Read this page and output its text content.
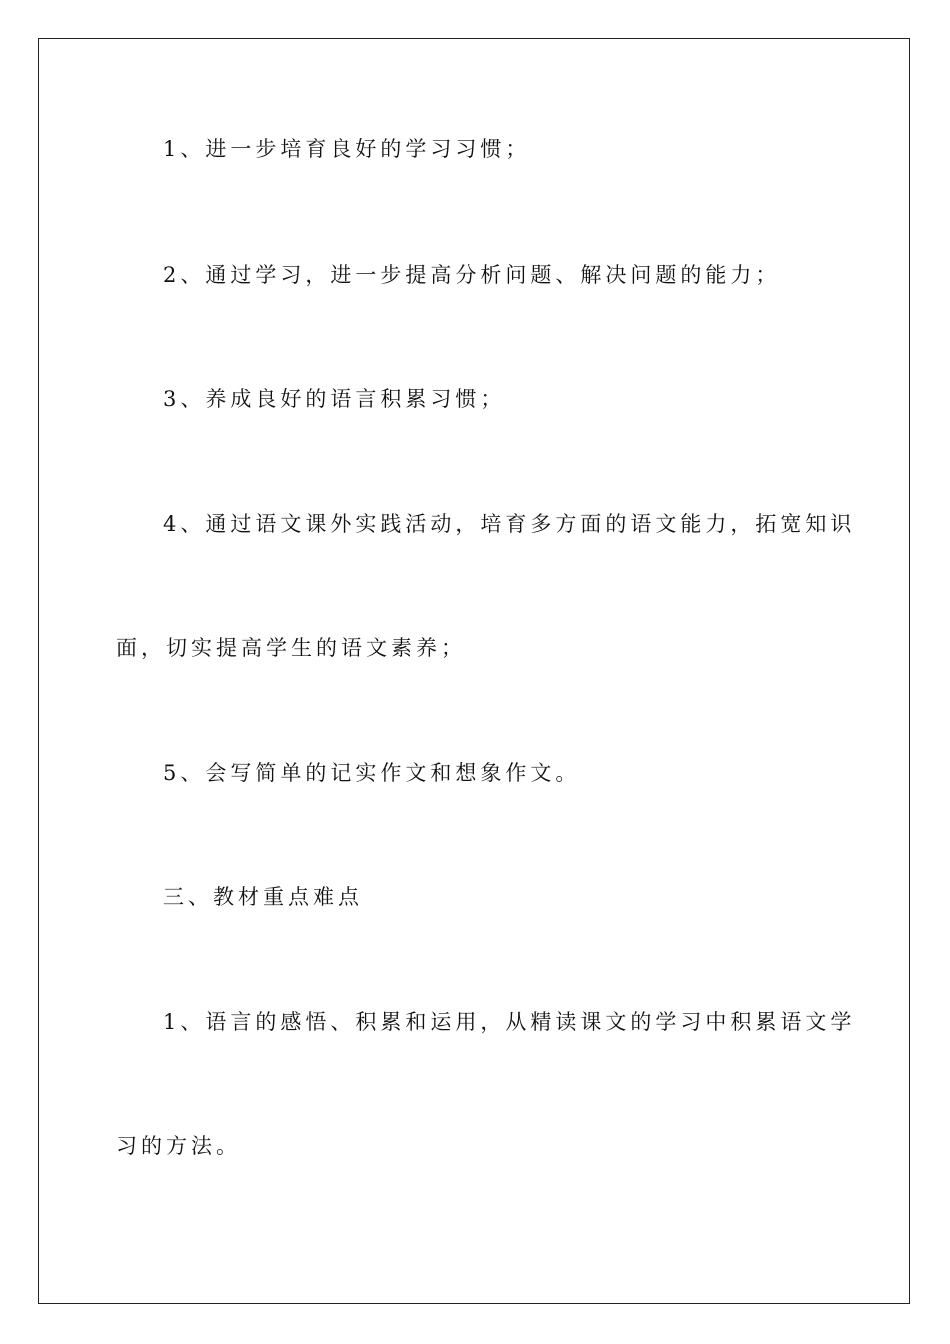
1、进一步培育良好的学习习惯；
2、通过学习，进一步提高分析问题、解决问题的能力；
3、养成良好的语言积累习惯；
4、通过语文课外实践活动，培育多方面的语文能力，拓宽知识
面，切实提高学生的语文素养；
5、会写简单的记实作文和想象作文。
三、教材重点难点
1、语言的感悟、积累和运用，从精读课文的学习中积累语文学
习的方法。
